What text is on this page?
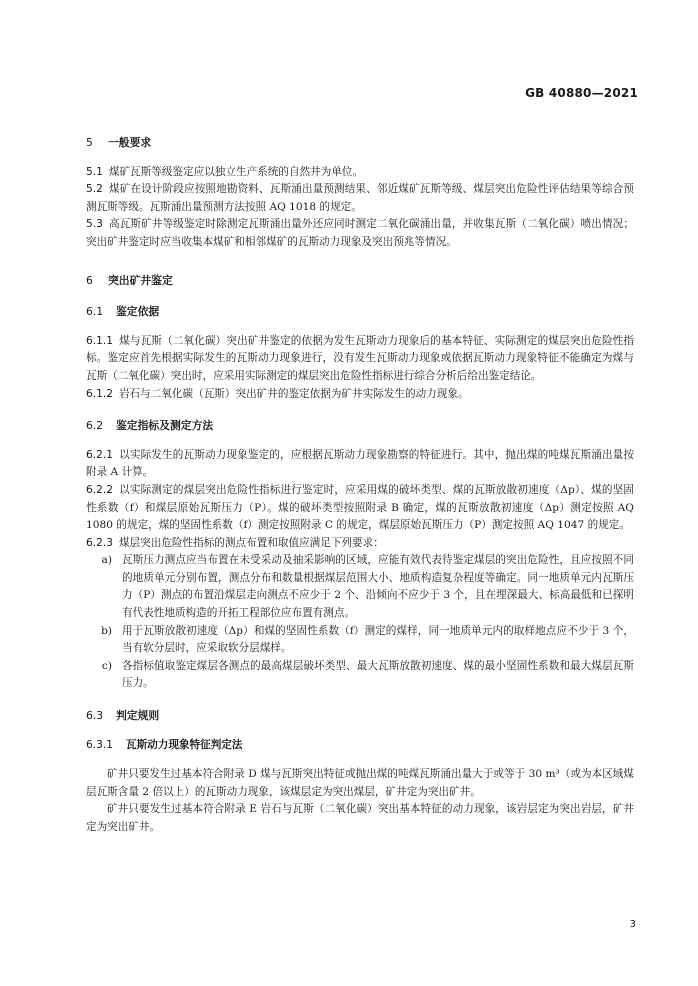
GB 40880—2021
5 一般要求

5.1 煤矿瓦斯等级鉴定应以独立生产系统的自然井为单位。

5.2 煤矿在设计阶段应按照地勘资料、瓦斯涌出量预测结果、邻近煤矿瓦斯等级、煤层突出危险性评估结果等综合预测瓦斯等级。瓦斯涌出量预测方法按照 AQ 1018 的规定。

5.3 高瓦斯矿井等级鉴定时除测定瓦斯涌出量外还应同时测定二氧化碳涌出量，并收集瓦斯（二氧化碳）喷出情况；突出矿井鉴定时应当收集本煤矿和相邻煤矿的瓦斯动力现象及突出预兆等情况。

6 突出矿井鉴定
6.1 鉴定依据

6.1.1 煤与瓦斯（二氧化碳）突出矿井鉴定的依据为发生瓦斯动力现象后的基本特征、实际测定的煤层突出危险性指标。鉴定应首先根据实际发生的瓦斯动力现象进行，没有发生瓦斯动力现象或依据瓦斯动力现象特征不能确定为煤与瓦斯（二氧化碳）突出时，应采用实际测定的煤层突出危险性指标进行综合分析后给出鉴定结论。

6.1.2 岩石与二氧化碳（瓦斯）突出矿井的鉴定依据为矿井实际发生的动力现象。

6.2 鉴定指标及测定方法

6.2.1 以实际发生的瓦斯动力现象鉴定的，应根据瓦斯动力现象勘察的特征进行。其中，抛出煤的吨煤瓦斯涌出量按附录 A 计算。

6.2.2 以实际测定的煤层突出危险性指标进行鉴定时，应采用煤的破坏类型、煤的瓦斯放散初速度（Δp）、煤的坚固性系数（f）和煤层原始瓦斯压力（P）。煤的破坏类型按照附录 B 确定，煤的瓦斯放散初速度（Δp）测定按照 AQ 1080 的规定，煤的坚固性系数（f）测定按照附录 C 的规定，煤层原始瓦斯压力（P）测定按照 AQ 1047 的规定。

6.2.3 煤层突出危险性指标的测点布置和取值应满足下列要求：

a) 瓦斯压力测点应当布置在未受采动及抽采影响的区域，应能有效代表待鉴定煤层的突出危险性，且应按照不同的地质单元分别布置，测点分布和数量根据煤层范围大小、地质构造复杂程度等确定。同一地质单元内瓦斯压力（P）测点的布置沿煤层走向测点不应少于 2 个、沿倾向不应少于 3 个，且在埋深最大、标高最低和已探明有代表性地质构造的开拓工程部位应布置有测点。
b) 用于瓦斯放散初速度（Δp）和煤的坚固性系数（f）测定的煤样，同一地质单元内的取样地点应不少于 3 个，当有软分层时，应采取软分层煤样。
c) 各指标值取鉴定煤层各测点的最高煤层破坏类型、最大瓦斯放散初速度、煤的最小坚固性系数和最大煤层瓦斯压力。
6.3 判定规则
6.3.1 瓦斯动力现象特征判定法

矿井只要发生过基本符合附录 D 煤与瓦斯突出特征或抛出煤的吨煤瓦斯涌出量大于或等于 30 m³（或为本区域煤层瓦斯含量 2 倍以上）的瓦斯动力现象，该煤层定为突出煤层，矿井定为突出矿井。

矿井只要发生过基本符合附录 E 岩石与瓦斯（二氧化碳）突出基本特征的动力现象，该岩层定为突出岩层，矿井定为突出矿井。

3
